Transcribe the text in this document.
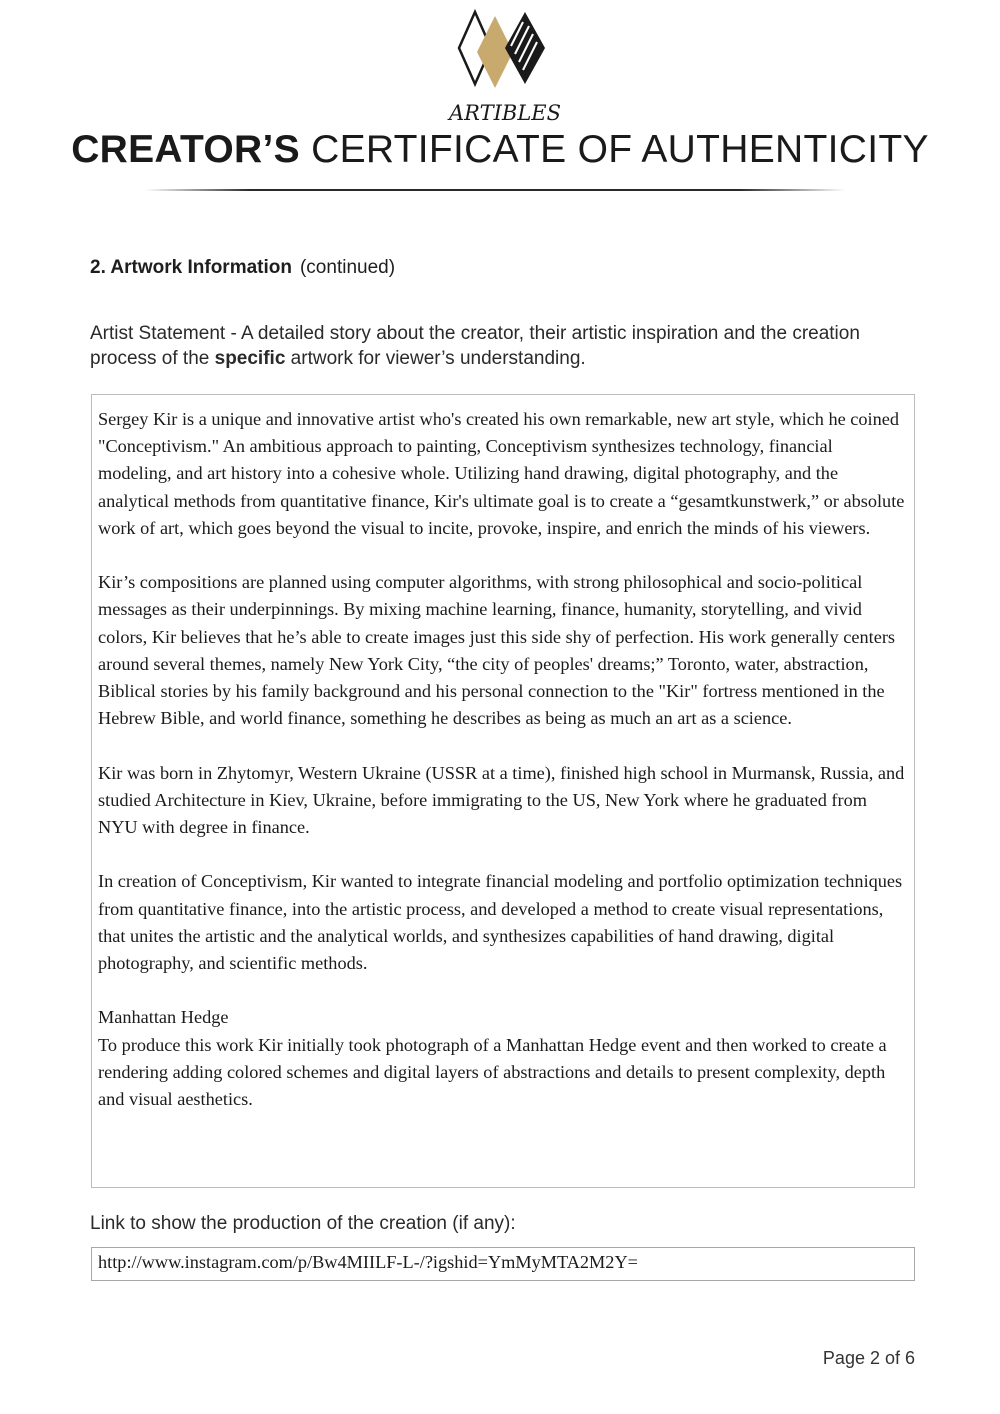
ARTIBLES
CREATOR’S CERTIFICATE OF AUTHENTICITY
2. Artwork Information (continued)
Artist Statement - A detailed story about the creator, their artistic inspiration and the creation process of the specific artwork for viewer’s understanding.

Sergey Kir is a unique and innovative artist who's created his own remarkable, new art style, which he coined "Conceptivism." An ambitious approach to painting, Conceptivism synthesizes technology, financial modeling, and art history into a cohesive whole. Utilizing hand drawing, digital photography, and the analytical methods from quantitative finance, Kir's ultimate goal is to create a “gesamtkunstwerk,” or absolute work of art, which goes beyond the visual to incite, provoke, inspire, and enrich the minds of his viewers.

Kir’s compositions are planned using computer algorithms, with strong philosophical and socio-political messages as their underpinnings. By mixing machine learning, finance, humanity, storytelling, and vivid colors, Kir believes that he’s able to create images just this side shy of perfection. His work generally centers around several themes, namely New York City, “the city of peoples' dreams;” Toronto, water, abstraction, Biblical stories by his family background and his personal connection to the "Kir" fortress mentioned in the Hebrew Bible, and world finance, something he describes as being as much an art as a science.

Kir was born in Zhytomyr, Western Ukraine (USSR at a time), finished high school in Murmansk, Russia, and studied Architecture in Kiev, Ukraine, before immigrating to the US, New York where he graduated from NYU with degree in finance.

In creation of Conceptivism, Kir wanted to integrate financial modeling and portfolio optimization techniques from quantitative finance, into the artistic process, and developed a method to create visual representations, that unites the artistic and the analytical worlds, and synthesizes capabilities of hand drawing, digital photography, and scientific methods.

Manhattan Hedge
To produce this work Kir initially took photograph of a Manhattan Hedge event and then worked to create a rendering adding colored schemes and digital layers of abstractions and details to present complexity, depth and visual aesthetics.

Link to show the production of the creation (if any):
http://www.instagram.com/p/Bw4MIILF-L-/?igshid=YmMyMTA2M2Y=
Page 2 of 6
